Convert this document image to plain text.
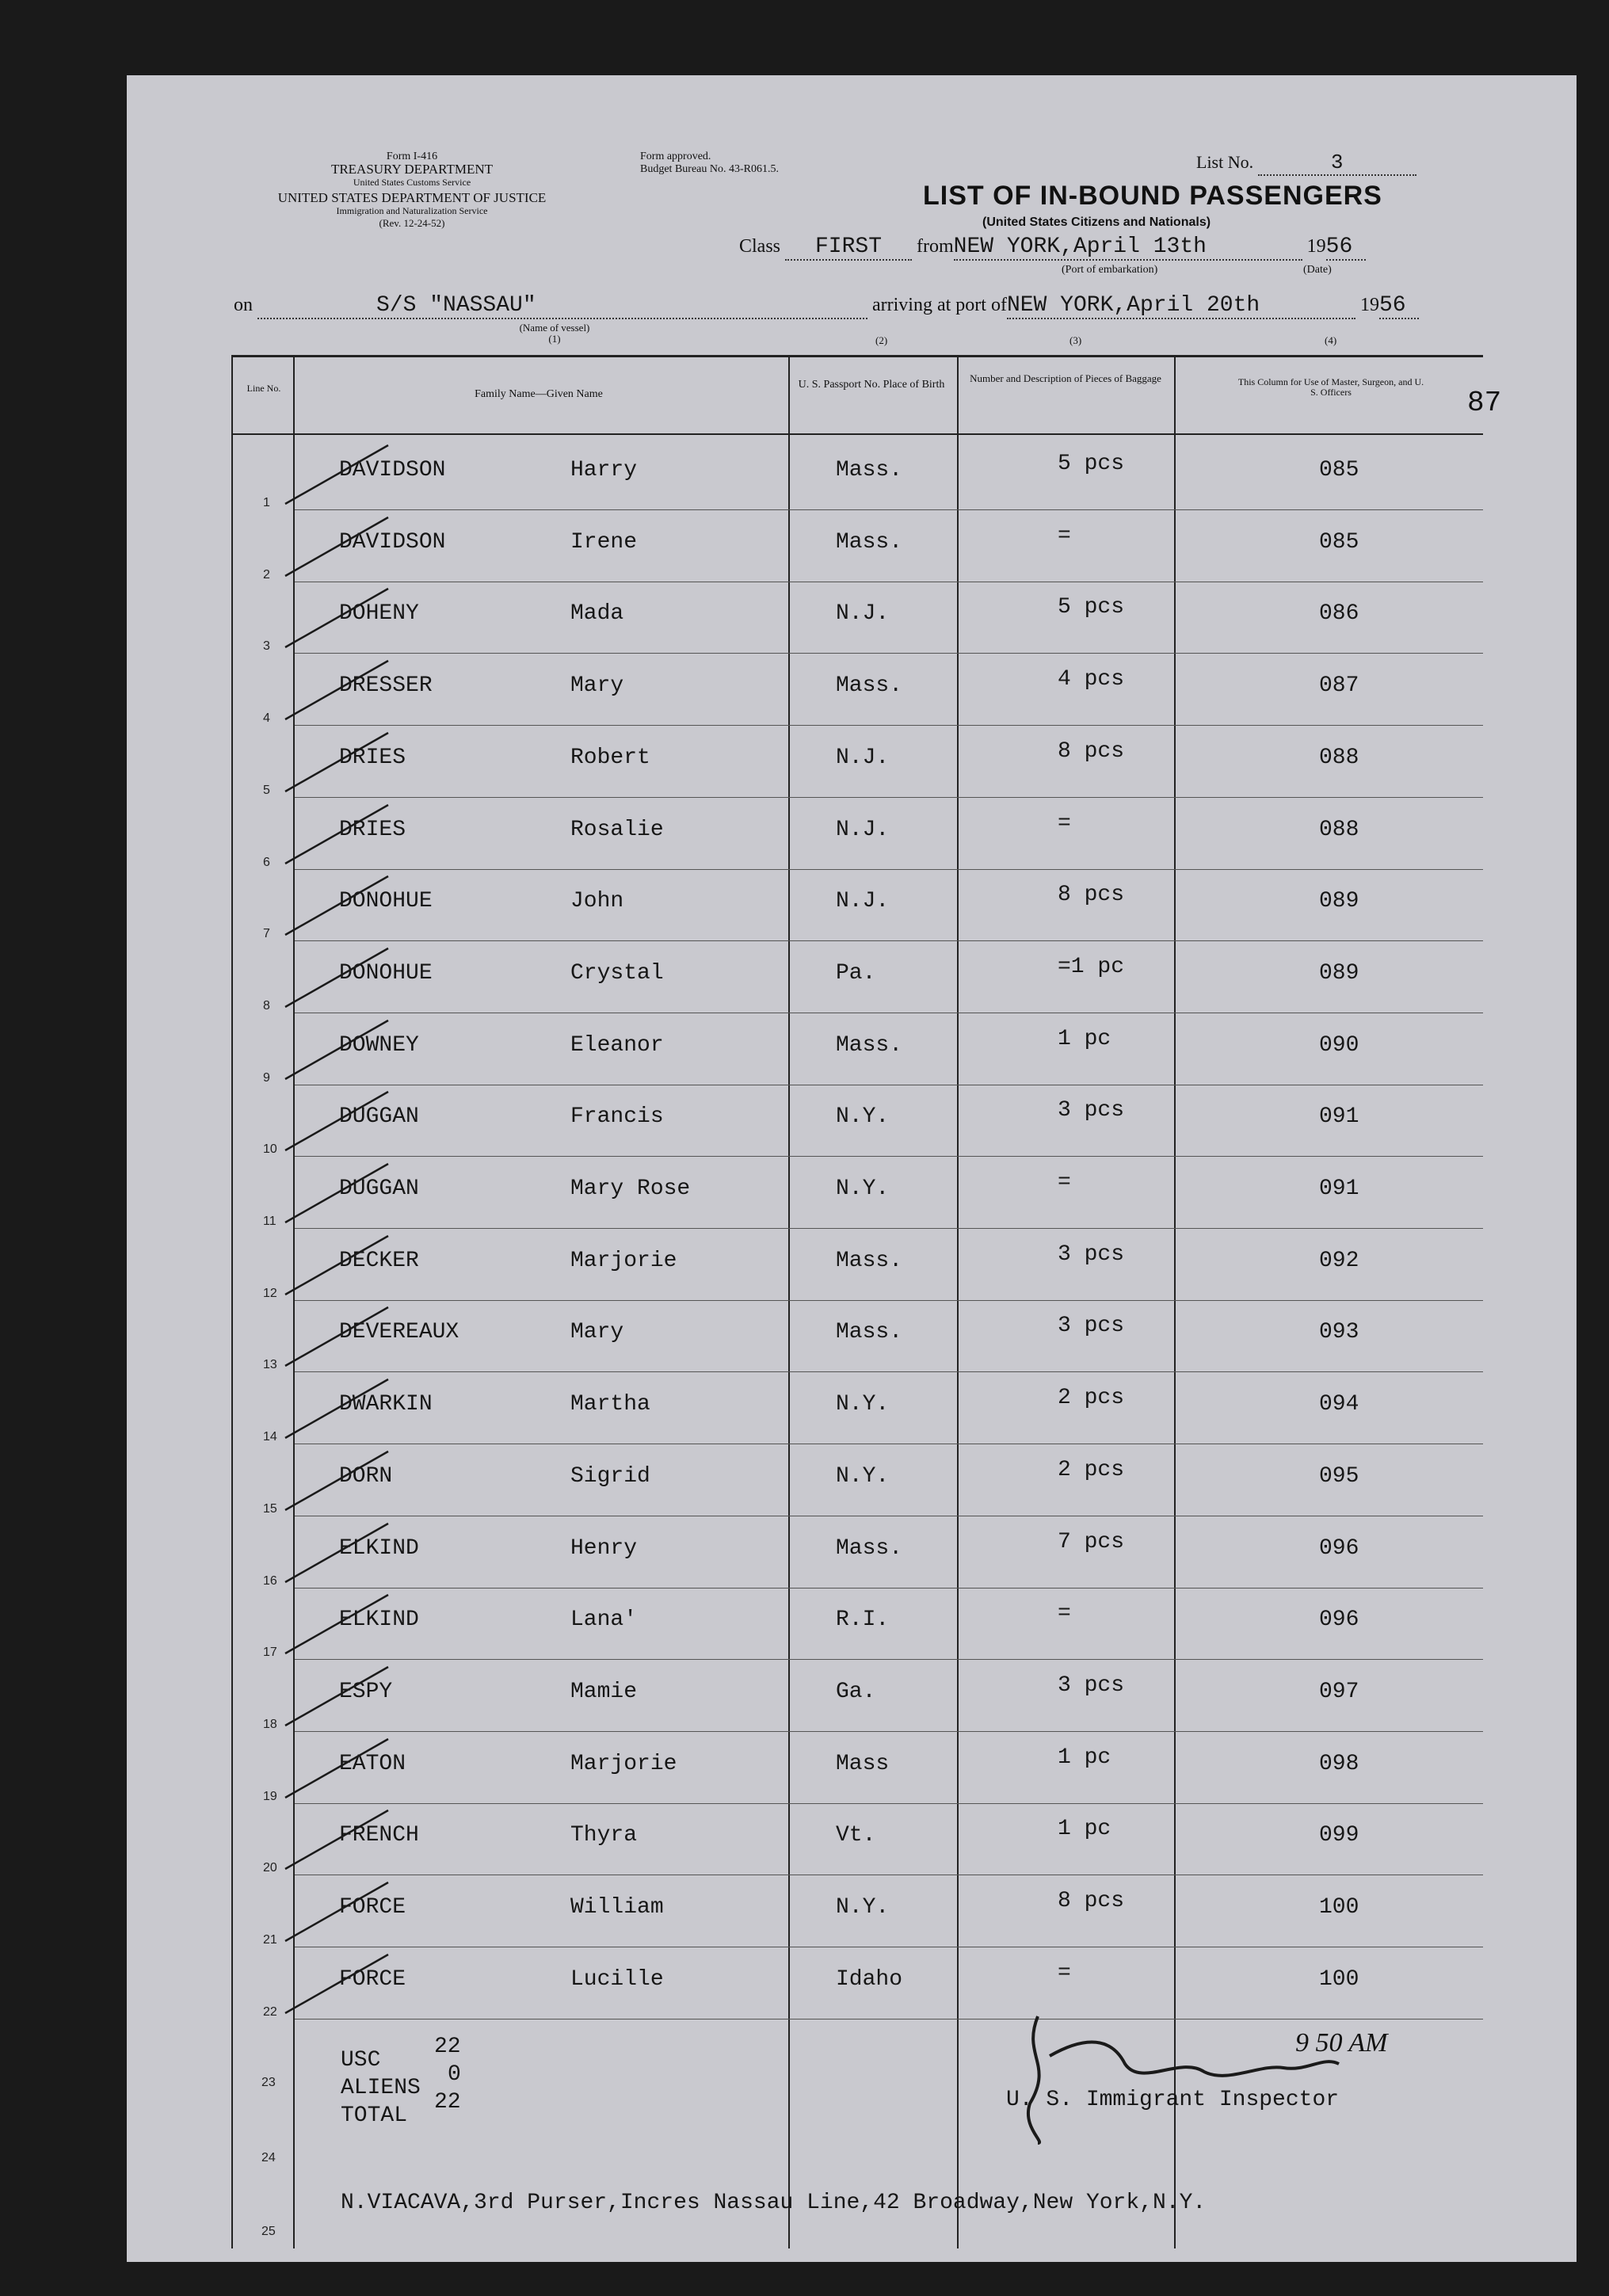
Form I-416
TREASURY DEPARTMENT
United States Customs Service
UNITED STATES DEPARTMENT OF JUSTICE
Immigration and Naturalization Service
(Rev. 12-24-52)
Form approved.
Budget Bureau No. 43-R061.5.	List No.	3
LIST OF IN-BOUND PASSENGERS
(United States Citizens and Nationals)
Class FIRST fromNEW YORK,April 13th	1956
(Port of embarkation)	(Date)
on	S/S "NASSAU"	arriving at port ofNEW YORK,April 20th	1956
(Name of vessel)
(1)	(2)	(3)	(4)
87
Line No.	Family Name—Given Name
U. S. Passport No. Place of Birth
Number and Description of Pieces of Baggage	This Column for Use of Master, Surgeon, and U. S. Officers
1
DAVIDSON	Harry	Mass.	5 pcs	085
2
DAVIDSON	Irene	Mass.	=	085
3
DOHENY	Mada	N.J.	5 pcs	086
4
DRESSER	Mary	Mass.	4 pcs	087
5
DRIES	Robert	N.J.	8 pcs	088
6
DRIES	Rosalie	N.J.	=	088
7
DONOHUE	John	N.J.	8 pcs	089
8
DONOHUE	Crystal	Pa.	=1 pc	089
9
DOWNEY	Eleanor	Mass.	1 pc	090
10
DUGGAN	Francis	N.Y.	3 pcs	091
11
DUGGAN	Mary Rose	N.Y.	=	091
12
DECKER	Marjorie	Mass.	3 pcs	092
13
DEVEREAUX	Mary	Mass.	3 pcs	093
14
DWARKIN	Martha	N.Y.	2 pcs	094
15
DORN	Sigrid	N.Y.	2 pcs	095
16
ELKIND	Henry	Mass.	7 pcs	096
17
ELKIND	Lana'	R.I.	=	096
18
ESPY	Mamie	Ga.	3 pcs	097
19
EATON	Marjorie	Mass	1 pc	098
20
FRENCH	Thyra	Vt.	1 pc	099
21
FORCE	William	N.Y.	8 pcs	100
22
FORCE	Lucille	Idaho	=	100
23
USC
22
ALIENS
0
TOTAL
22
9 50 AM
U. S. Immigrant Inspector
24
N.VIACAVA,3rd Purser,Incres Nassau Line,42 Broadway,New York,N.Y.
25
